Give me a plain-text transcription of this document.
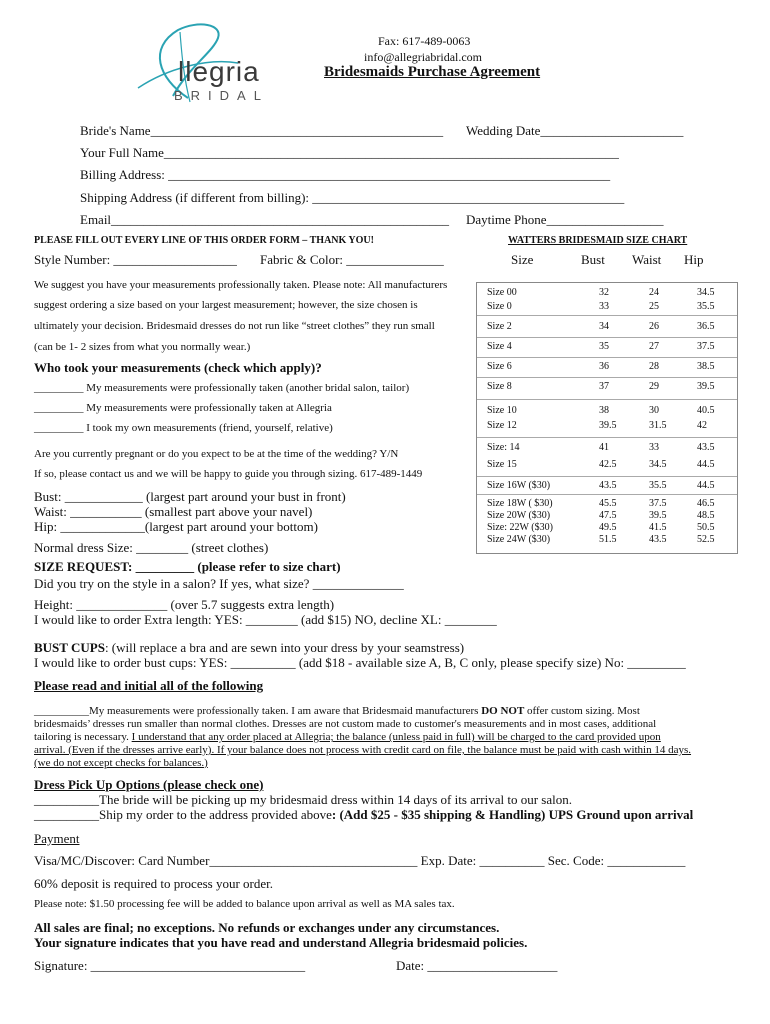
llegria
BRIDAL
Fax: 617-489-0063
info@allegriabridal.com
Bridesmaids Purchase Agreement
Bride's Name_____________________________________________ Wedding Date______________________
Your Full Name______________________________________________________________________
Billing Address: ____________________________________________________________________
Shipping Address (if different from billing): ________________________________________________
Email____________________________________________________ Daytime Phone__________________
PLEASE FILL OUT EVERY LINE OF THIS ORDER FORM – THANK YOU!	WATTERS BRIDESMAID SIZE CHART
Style Number: ___________________ Fabric & Color: _______________	Size	Bust Waist Hip
Size 00	32	24	34.5
Size 0	33	25	35.5
Size 2	34	26	36.5
Size 4	35	27	37.5
Size 6	36	28	38.5
Size 8	37	29	39.5
Size 10	38	30	40.5
Size 12	39.5	31.5	42
Size: 14	41	33	43.5
Size 15	42.5	34.5	44.5
Size 16W ($30)	43.5	35.5	44.5
Size 18W ( $30)	45.5	37.5	46.5
Size 20W ($30)	47.5	39.5	48.5
Size: 22W ($30)	49.5	41.5	50.5
Size 24W ($30)	51.5	43.5	52.5
We suggest you have your measurements professionally taken. Please note: All manufacturers
suggest ordering a size based on your largest measurement; however, the size chosen is
ultimately your decision. Bridesmaid dresses do not run like “street clothes” they run small
(can be 1- 2 sizes from what you normally wear.)
Who took your measurements (check which apply)?
_________ My measurements were professionally taken (another bridal salon, tailor)
_________ My measurements were professionally taken at Allegria
_________ I took my own measurements (friend, yourself, relative)
Are you currently pregnant or do you expect to be at the time of the wedding? Y/N
If so, please contact us and we will be happy to guide you through sizing. 617-489-1449
Bust: ____________ (largest part around your bust in front)
Waist: ___________ (smallest part above your navel)
Hip: _____________(largest part around your bottom)
Normal dress Size: ________ (street clothes)
SIZE REQUEST: _________ (please refer to size chart)
Did you try on the style in a salon? If yes, what size? ______________
Height: ______________ (over 5.7 suggests extra length)
I would like to order Extra length: YES: ________ (add $15) NO, decline XL: ________
BUST CUPS: (will replace a bra and are sewn into your dress by your seamstress)
I would like to order bust cups: YES: __________ (add $18 - available size A, B, C only, please specify size) No: _________
Please read and initial all of the following
__________My measurements were professionally taken. I am aware that Bridesmaid manufacturers DO NOT offer custom sizing. Most
bridesmaids’ dresses run smaller than normal clothes. Dresses are not custom made to customer's measurements and in most cases, additional
tailoring is necessary. I understand that any order placed at Allegria; the balance (unless paid in full) will be charged to the card provided upon
arrival. (Even if the dresses arrive early). If your balance does not process with credit card on file, the balance must be paid with cash within 14 days.
(we do not except checks for balances.)
Dress Pick Up Options (please check one)
__________The bride will be picking up my bridesmaid dress within 14 days of its arrival to our salon.
__________Ship my order to the address provided above: (Add $25 - $35 shipping & Handling) UPS Ground upon arrival
Payment
Visa/MC/Discover: Card Number________________________________ Exp. Date: __________ Sec. Code: ____________
60% deposit is required to process your order.
Please note: $1.50 processing fee will be added to balance upon arrival as well as MA sales tax.
All sales are final; no exceptions. No refunds or exchanges under any circumstances.
Your signature indicates that you have read and understand Allegria bridesmaid policies.
Signature: _________________________________	Date: ____________________
